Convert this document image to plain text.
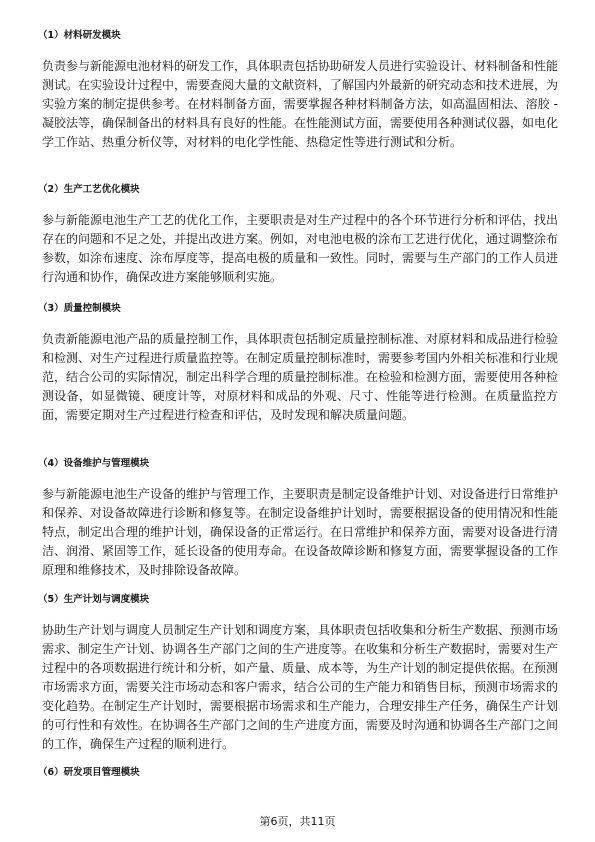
（1）材料研发模块
负责参与新能源电池材料的研发工作，具体职责包括协助研发人员进行实验设计、材料制备和性能测试。在实验设计过程中，需要查阅大量的文献资料，了解国内外最新的研究动态和技术进展，为实验方案的制定提供参考。在材料制备方面，需要掌握各种材料制备方法，如高温固相法、溶胶 - 凝胶法等，确保制备出的材料具有良好的性能。在性能测试方面，需要使用各种测试仪器，如电化学工作站、热重分析仪等，对材料的电化学性能、热稳定性等进行测试和分析。
（2）生产工艺优化模块
参与新能源电池生产工艺的优化工作，主要职责是对生产过程中的各个环节进行分析和评估，找出存在的问题和不足之处，并提出改进方案。例如，对电池电极的涂布工艺进行优化，通过调整涂布参数，如涂布速度、涂布厚度等，提高电极的质量和一致性。同时，需要与生产部门的工作人员进行沟通和协作，确保改进方案能够顺利实施。
（3）质量控制模块
负责新能源电池产品的质量控制工作，具体职责包括制定质量控制标准、对原材料和成品进行检验和检测、对生产过程进行质量监控等。在制定质量控制标准时，需要参考国内外相关标准和行业规范，结合公司的实际情况，制定出科学合理的质量控制标准。在检验和检测方面，需要使用各种检测设备，如显微镜、硬度计等，对原材料和成品的外观、尺寸、性能等进行检测。在质量监控方面，需要定期对生产过程进行检查和评估，及时发现和解决质量问题。
（4）设备维护与管理模块
参与新能源电池生产设备的维护与管理工作，主要职责是制定设备维护计划、对设备进行日常维护和保养、对设备故障进行诊断和修复等。在制定设备维护计划时，需要根据设备的使用情况和性能特点，制定出合理的维护计划，确保设备的正常运行。在日常维护和保养方面，需要对设备进行清洁、润滑、紧固等工作，延长设备的使用寿命。在设备故障诊断和修复方面，需要掌握设备的工作原理和维修技术，及时排除设备故障。
（5）生产计划与调度模块
协助生产计划与调度人员制定生产计划和调度方案，具体职责包括收集和分析生产数据、预测市场需求、制定生产计划、协调各生产部门之间的生产进度等。在收集和分析生产数据时，需要对生产过程中的各项数据进行统计和分析，如产量、质量、成本等，为生产计划的制定提供依据。在预测市场需求方面，需要关注市场动态和客户需求，结合公司的生产能力和销售目标，预测市场需求的变化趋势。在制定生产计划时，需要根据市场需求和生产能力，合理安排生产任务，确保生产计划的可行性和有效性。在协调各生产部门之间的生产进度方面，需要及时沟通和协调各生产部门之间的工作，确保生产过程的顺利进行。
（6）研发项目管理模块
第6页，共11页
